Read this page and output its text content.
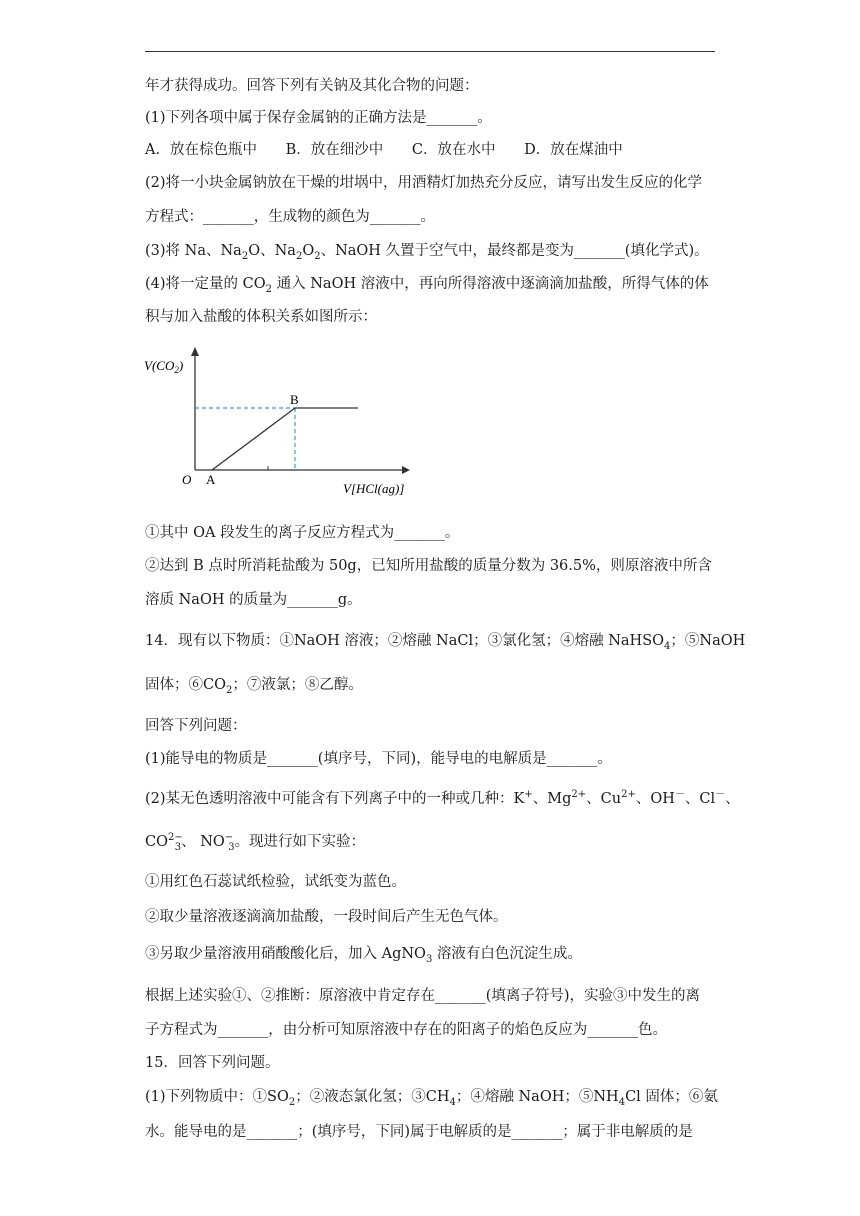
年才获得成功。回答下列有关钠及其化合物的问题：
(1)下列各项中属于保存金属钠的正确方法是_______。
A．放在棕色瓶中 B．放在细沙中 C．放在水中 D．放在煤油中
(2)将一小块金属钠放在干燥的坩埚中，用酒精灯加热充分反应，请写出发生反应的化学
方程式：_______，生成物的颜色为_______。
(3)将 Na、$Na_2O$、$Na_2O_2$、NaOH 久置于空气中，最终都是变为_______(填化学式)。
(4)将一定量的 $CO_2$ 通入 NaOH 溶液中，再向所得溶液中逐滴滴加盐酸，所得气体的体
积与加入盐酸的体积关系如图所示：
$V(CO_2)$
O A
B
V[HCl(ag)]
①其中 OA 段发生的离子反应方程式为_______。
②达到 B 点时所消耗盐酸为 50g，已知所用盐酸的质量分数为 36.5%，则原溶液中所含
溶质 NaOH 的质量为_______g。
14．现有以下物质：①NaOH 溶液；②熔融 NaCl；③氯化氢；④熔融 NaHSO$_4$；⑤NaOH
固体；$⑥CO_2$；⑦液氯；⑧乙醇。
回答下列问题：
(1)能导电的物质是_______(填序号，下同)，能导电的电解质是_______。
(2)某无色透明溶液中可能含有下列离子中的一种或几种：K+、$Mg^{2+}$、$Cu^{2+}$、OH－、Cl－、
$CO^{2-}_3$、 $NO^-_3$。现进行如下实验：
①用红色石蕊试纸检验，试纸变为蓝色。
②取少量溶液逐滴滴加盐酸，一段时间后产生无色气体。
③另取少量溶液用硝酸酸化后，加入 AgNO$_3$ 溶液有白色沉淀生成。
根据上述实验①、②推断：原溶液中肯定存在_______(填离子符号)，实验③中发生的离
子方程式为_______，由分析可知原溶液中存在的阳离子的焰色反应为_______色。
15．回答下列问题。
(1)下列物质中：$①SO_2$；②液态氯化氢；$③CH_4$；④熔融 NaOH；$⑤NH_4Cl$ 固体；⑥氨
水。能导电的是_______；(填序号，下同)属于电解质的是_______；属于非电解质的是
